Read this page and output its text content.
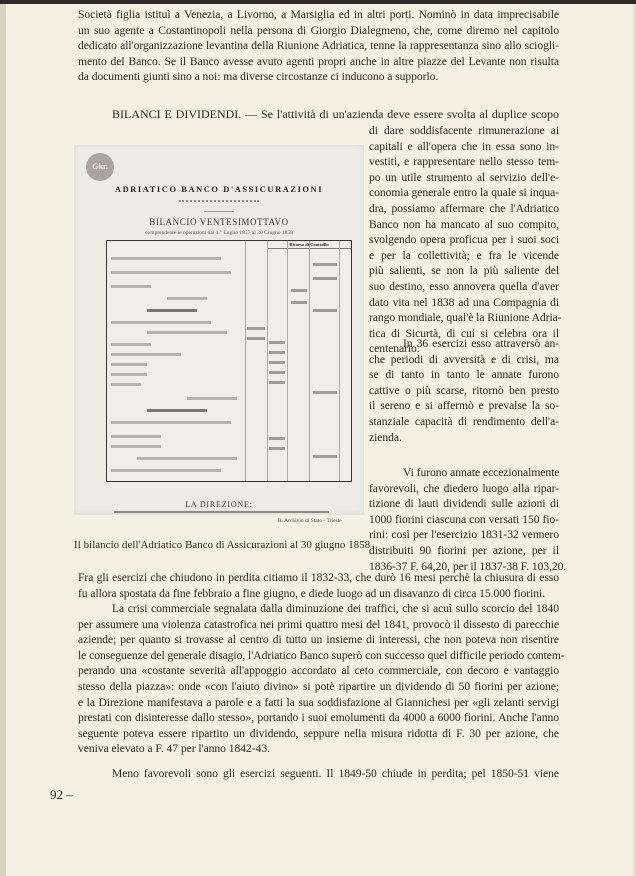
Società figlia istituì a Venezia, a Livorno, a Marsiglia ed in altri porti. Nominò in data imprecisabile
un suo agente a Costantinopoli nella persona di Giorgio Dialegmeno, che, come diremo nel capitolo
dedicato all'organizzazione levantina della Riunione Adriatica, tenne la rappresentanza sino allo sciogli-
mento del Banco. Se il Banco avesse avuto agenti propri anche in altre piazze del Levante non risulta
da documenti giunti sino a noi: ma diverse circostanze ci inducono a supporlo.
BILANCI E DIVIDENDI. — Se l'attività di un'azienda deve essere svolta al duplice scopo
di dare soddisfacente rimunerazione ai
capitali e all'opera che in essa sono in-
vestiti, e rappresentare nello stesso tem-
po un utile strumento al servizio dell'e-
conomia generale entro la quale si inqua-
dra, possiamo affermare che l'Adriatico
Banco non ha mancato al suo compito,
svolgendo opera proficua per i suoi soci
e per la collettività; e fra le vicende
più salienti, se non la più saliente del
suo destino, esso annovera quella d'aver
dato vita nel 1838 ad una Compagnia di
rango mondiale, qual'è la Riunione Adria-
tica di Sicurtà, di cui si celebra ora il
centenario.
In 36 esercizi esso attraversò an-
che periodi di avversità e di crisi, ma
se di tanto in tanto le annate furono
cattive o più scarse, ritornò ben presto
il sereno e si affermò e prevalse la so-
stanziale capacità di rendimento dell'a-
zienda.
Vi furono annate eccezionalmente
favorevoli, che diedero luogo alla ripar-
tizione di lauti dividendi sulle azioni di
1000 fiorini ciascuna con versati 150 fio-
rini: così per l'esercizio 1831-32 vennero
distribuiti 90 fiorini per azione, per il
1836-37 F. 64,20, per il 1837-38 F. 103,20.
Gkr.
ADRIATICO BANCO D'ASSICURAZIONI
BILANCIO VENTESIMOTTAVO
comprendente le operazioni dal 1.° Luglio 1857 al 30 Giugno 1858
Ricorso di Controllo
LA DIREZIONE:
R. Archivio di Stato - Trieste
Il bilancio dell'Adriatico Banco di Assicurazioni al 30 giugno 1858
Fra gli esercizi che chiudono in perdita citiamo il 1832-33, che durò 16 mesi perchè la chiusura di esso
fu allora spostata da fine febbraio a fine giugno, e diede luogo ad un disavanzo di circa 15.000 fiorini.
La crisi commerciale segnalata dalla diminuzione dei traffici, che si acuì sullo scorcio del 1840
per assumere una violenza catastrofica nei primi quattro mesi del 1841, provocò il dissesto di parecchie
aziende; per quanto si trovasse al centro di tutto un insieme di interessi, che non poteva non risentire
le conseguenze del generale disagio, l'Adriatico Banco superò con successo quel difficile periodo contem-
perando una «costante severità all'appoggio accordato al ceto commerciale, con decoro e vantaggio
stesso della piazza»: onde «con l'aiuto divino» si potè ripartire un dividendo di 50 fiorini per azione;
e la Direzione manifestava a parole e a fatti la sua soddisfazione al Giannichesi per «gli zelanti servigi
prestati con disinteresse dallo stesso», portando i suoi emolumenti da 4000 a 6000 fiorini. Anche l'anno
seguente poteva essere ripartito un dividendo, seppure nella misura ridotta di F. 30 per azione, che
veniva elevato a F. 47 per l'anno 1842-43.
Meno favorevoli sono gli esercizi seguenti. Il 1849-50 chiude in perdita; pel 1850-51 viene
92 –
